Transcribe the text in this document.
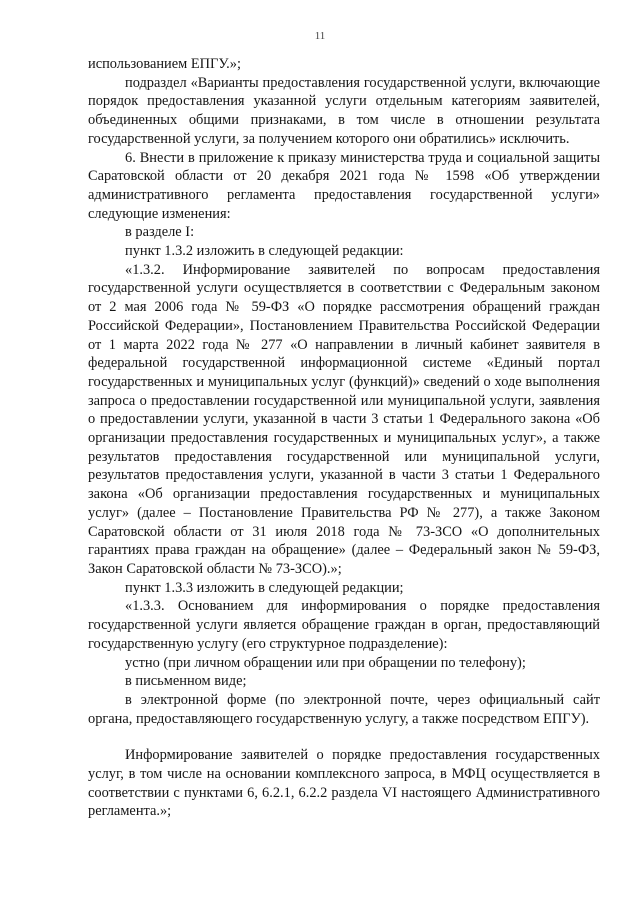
11

использованием ЕПГУ.»;

подраздел «Варианты предоставления государственной услуги, включающие порядок предоставления указанной услуги отдельным категориям заявителей, объединенных общими признаками, в том числе в отношении результата государственной услуги, за получением которого они обратились» исключить.

6. Внести в приложение к приказу министерства труда и социальной защиты Саратовской области от 20 декабря 2021 года № 1598 «Об утверждении административного регламента предоставления государственной услуги» следующие изменения:

в разделе I:

пункт 1.3.2 изложить в следующей редакции:

«1.3.2. Информирование заявителей по вопросам предоставления государственной услуги осуществляется в соответствии с Федеральным законом от 2 мая 2006 года № 59-ФЗ «О порядке рассмотрения обращений граждан Российской Федерации», Постановлением Правительства Российской Федерации от 1 марта 2022 года № 277 «О направлении в личный кабинет заявителя в федеральной государственной информационной системе «Единый портал государственных и муниципальных услуг (функций)» сведений о ходе выполнения запроса о предоставлении государственной или муниципальной услуги, заявления о предоставлении услуги, указанной в части 3 статьи 1 Федерального закона «Об организации предоставления государственных и муниципальных услуг», а также результатов предоставления государственной или муниципальной услуги, результатов предоставления услуги, указанной в части 3 статьи 1 Федерального закона «Об организации предоставления государственных и муниципальных услуг» (далее – Постановление Правительства РФ № 277), а также Законом Саратовской области от 31 июля 2018 года № 73-ЗСО «О дополнительных гарантиях права граждан на обращение» (далее – Федеральный закон № 59-ФЗ, Закон Саратовской области № 73-ЗСО).»;

пункт 1.3.3 изложить в следующей редакции;

«1.3.3. Основанием для информирования о порядке предоставления государственной услуги является обращение граждан в орган, предоставляющий государственную услугу (его структурное подразделение):

устно (при личном обращении или при обращении по телефону);

в письменном виде;

в электронной форме (по электронной почте, через официальный сайт органа, предоставляющего государственную услугу, а также посредством ЕПГУ).

Информирование заявителей о порядке предоставления государственных услуг, в том числе на основании комплексного запроса, в МФЦ осуществляется в соответствии с пунктами 6, 6.2.1, 6.2.2 раздела VI настоящего Административного регламента.»;
